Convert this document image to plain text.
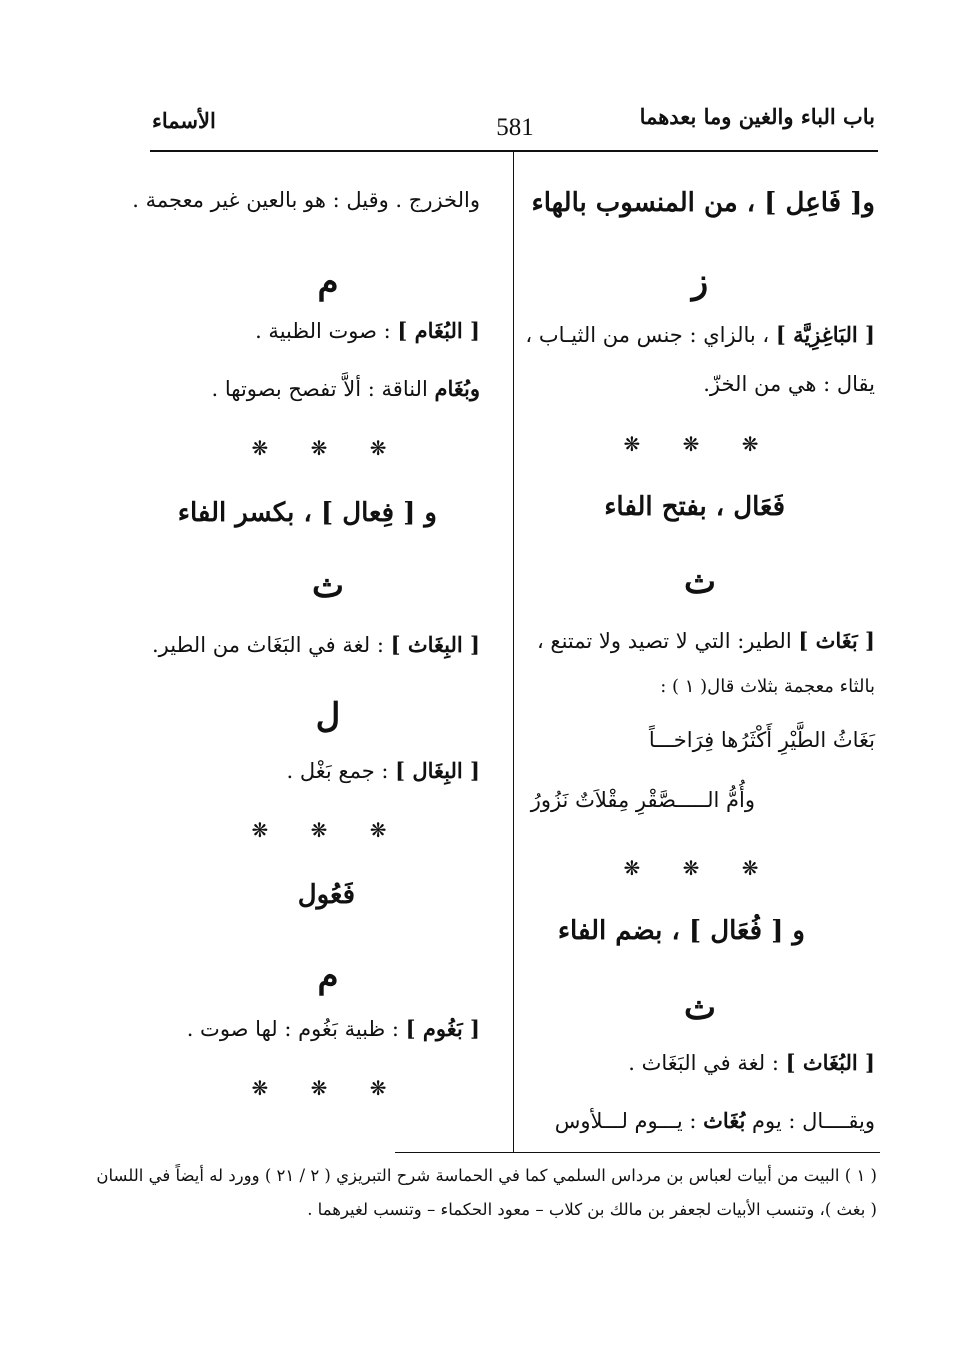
باب الباء والغين وما بعدهما
581
الأسماء
و[ فَاعِل ] ، من المنسوب بالهاء
ز
[ البَاغِزِيَّة ] ، بالزاي : جنس من الثيـاب ،
يقال : هي من الخزّ.
❋ ❋ ❋
فَعَال ، بفتح الفاء
ث
[ بَغَاث ] الطير: التي لا تصيد ولا تمتنع ،
بالثاء معجمة بثلاث قال( ١ ) :
بَغَاثُ الطَّيْرِ أَكْثَرُها فِرَاخـــاً
وأُمُّ الـــــصَّقْرِ مِقْلاَتٌ نَزُورُ
❋ ❋ ❋
و [ فُعَال ] ، بضم الفاء
ث
[ البُغَاث ] : لغة في البَغَاث .
ويقــــال : يوم بُغَاث : يـــوم لـــلأوس
والخزرج . وقيل : هو بالعين غير معجمة .
م
[ البُغَام ] : صوت الظبية .
وبُغَام الناقة : ألاَّ تفصح بصوتها .
❋ ❋ ❋
و [ فِعال ] ، بكسر الفاء
ث
[ البِغَاث ] : لغة في البَغَاث من الطير.
ل
[ البِغَال ] : جمع بَغْل .
❋ ❋ ❋
فَعُول
م
[ بَغُوم ] : ظبية بَغُوم : لها صوت .
❋ ❋ ❋
( ١ ) البيت من أبيات لعباس بن مرداس السلمي كما في الحماسة شرح التبريزي ( ٢ / ٢١ ) وورد له أيضاً في اللسان
( بغث )، وتنسب الأبيات لجعفر بن مالك بن كلاب – معود الحكماء – وتنسب لغيرهما .
